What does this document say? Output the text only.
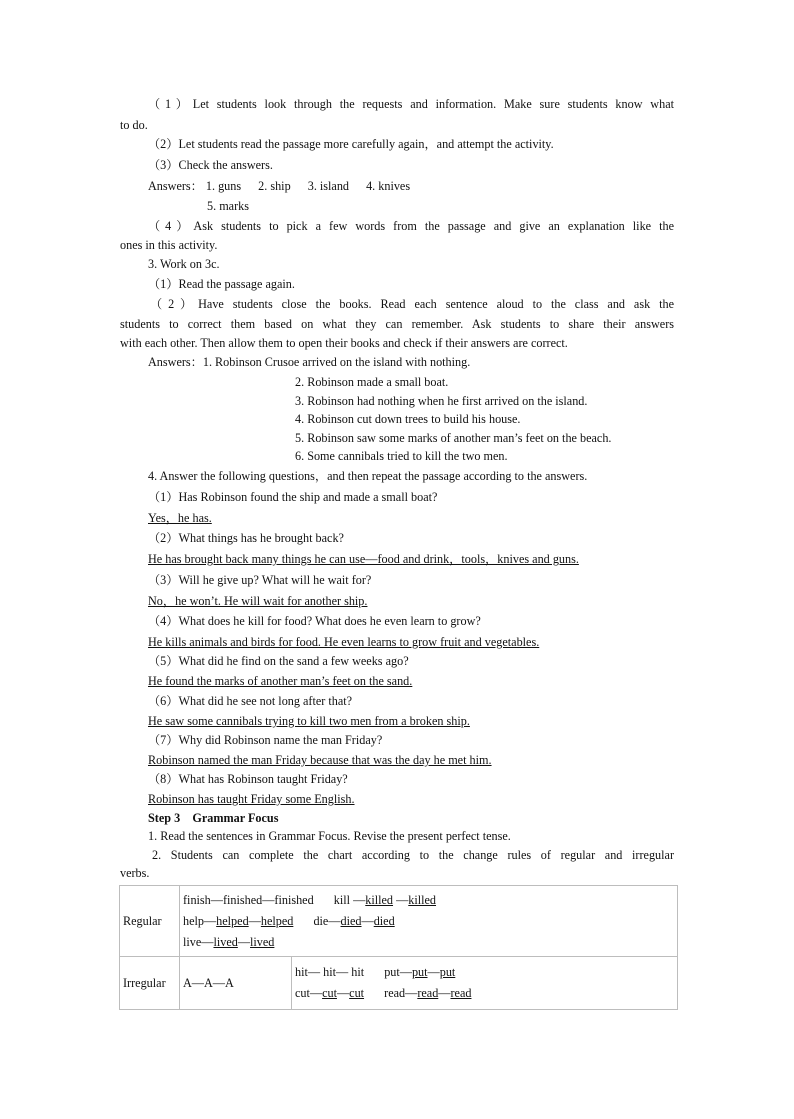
（1）Let students look through the requests and information. Make sure students know what
to do.
（2）Let students read the passage more carefully again，and attempt the activity.
（3）Check the answers.
Answers： 1. guns 2. ship 3. island 4. knives
5. marks
（4）Ask students to pick a few words from the passage and give an explanation like the
ones in this activity.
3. Work on 3c.
（1）Read the passage again.
（2）Have students close the books. Read each sentence aloud to the class and ask the
students to correct them based on what they can remember. Ask students to share their answers
with each other. Then allow them to open their books and check if their answers are correct.
Answers：1. Robinson Crusoe arrived on the island with nothing.
2. Robinson made a small boat.
3. Robinson had nothing when he first arrived on the island.
4. Robinson cut down trees to build his house.
5. Robinson saw some marks of another man’s feet on the beach.
6. Some cannibals tried to kill the two men.
4. Answer the following questions，and then repeat the passage according to the answers.
（1）Has Robinson found the ship and made a small boat?
Yes，he has.
（2）What things has he brought back?
He has brought back many things he can use—food and drink，tools，knives and guns.
（3）Will he give up? What will he wait for?
No，he won’t. He will wait for another ship.
（4）What does he kill for food? What does he even learn to grow?
He kills animals and birds for food. He even learns to grow fruit and vegetables.
（5）What did he find on the sand a few weeks ago?
He found the marks of another man’s feet on the sand.
（6）What did he see not long after that?
He saw some cannibals trying to kill two men from a broken ship.
（7）Why did Robinson name the man Friday?
Robinson named the man Friday because that was the day he met him.
（8）What has Robinson taught Friday?
Robinson has taught Friday some English.
Step 3　Grammar Focus
1. Read the sentences in Grammar Focus. Revise the present perfect tense.
2. Students can complete the chart according to the change rules of regular and irregular
verbs.
Regular	finish—finished—finished kill —killed —killed
help—helped—helped die—died—died
live—lived—lived	

Irregular	A—A—A	hit— hit— hit put—put—put
cut—cut—cut read—read—read
